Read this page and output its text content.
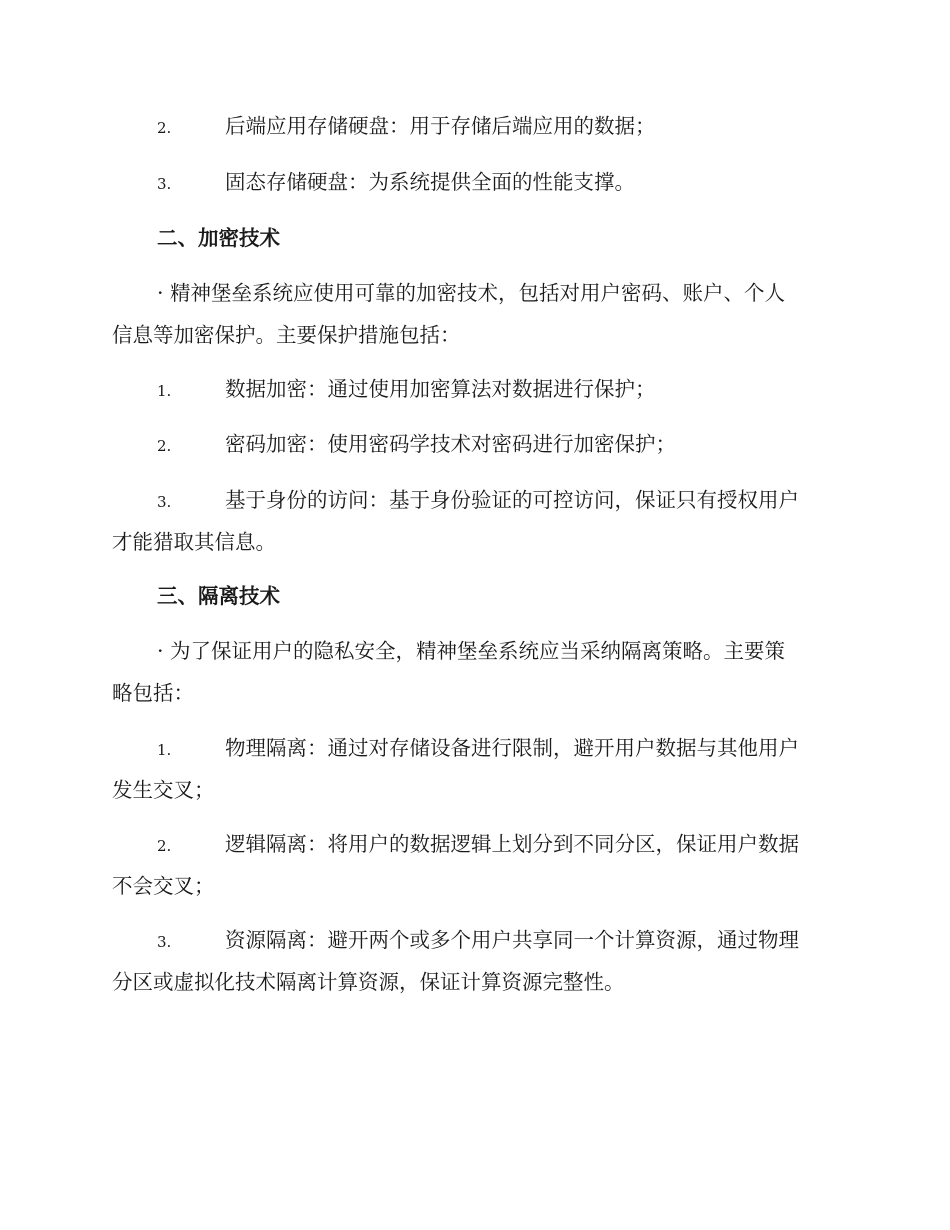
2.	后端应用存储硬盘：用于存储后端应用的数据；
3.	固态存储硬盘：为系统提供全面的性能支撑。
二、加密技术
· 精神堡垒系统应使用可靠的加密技术，包括对用户密码、账户、个人
信息等加密保护。主要保护措施包括：
1.	数据加密：通过使用加密算法对数据进行保护；
2.	密码加密：使用密码学技术对密码进行加密保护；
3.	基于身份的访问：基于身份验证的可控访问，保证只有授权用户
才能猎取其信息。
三、隔离技术
· 为了保证用户的隐私安全，精神堡垒系统应当采纳隔离策略。主要策
略包括：
1.	物理隔离：通过对存储设备进行限制，避开用户数据与其他用户
发生交叉；
2.	逻辑隔离：将用户的数据逻辑上划分到不同分区，保证用户数据
不会交叉；
3.	资源隔离：避开两个或多个用户共享同一个计算资源，通过物理
分区或虚拟化技术隔离计算资源，保证计算资源完整性。
